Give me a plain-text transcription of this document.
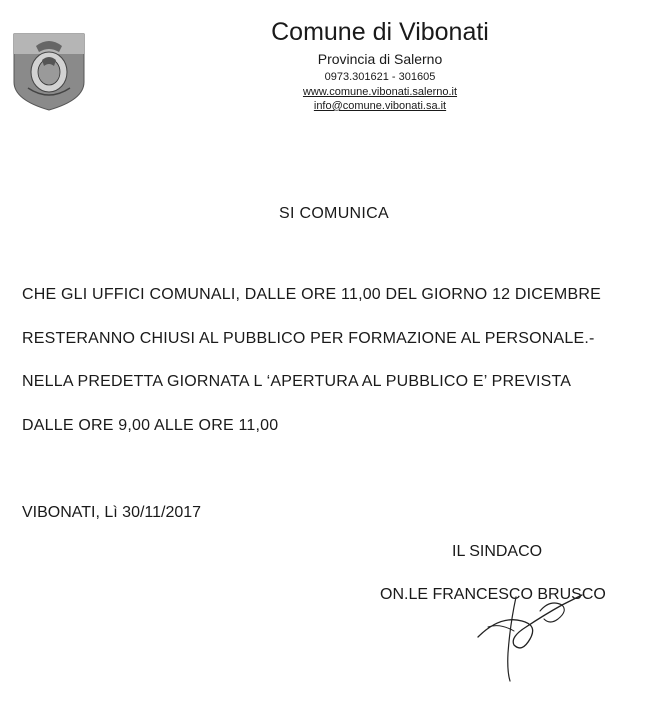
Comune di Vibonati
Provincia di Salerno
0973.301621 - 301605
www.comune.vibonati.salerno.it
info@comune.vibonati.sa.it
SI COMUNICA
CHE GLI UFFICI COMUNALI, DALLE ORE 11,00 DEL GIORNO 12 DICEMBRE
RESTERANNO CHIUSI AL PUBBLICO PER FORMAZIONE AL PERSONALE.-
NELLA PREDETTA GIORNATA L ‘APERTURA AL PUBBLICO E’ PREVISTA
DALLE ORE 9,00 ALLE ORE 11,00
VIBONATI, Lì 30/11/2017
IL SINDACO
ON.LE FRANCESCO BRUSCO
